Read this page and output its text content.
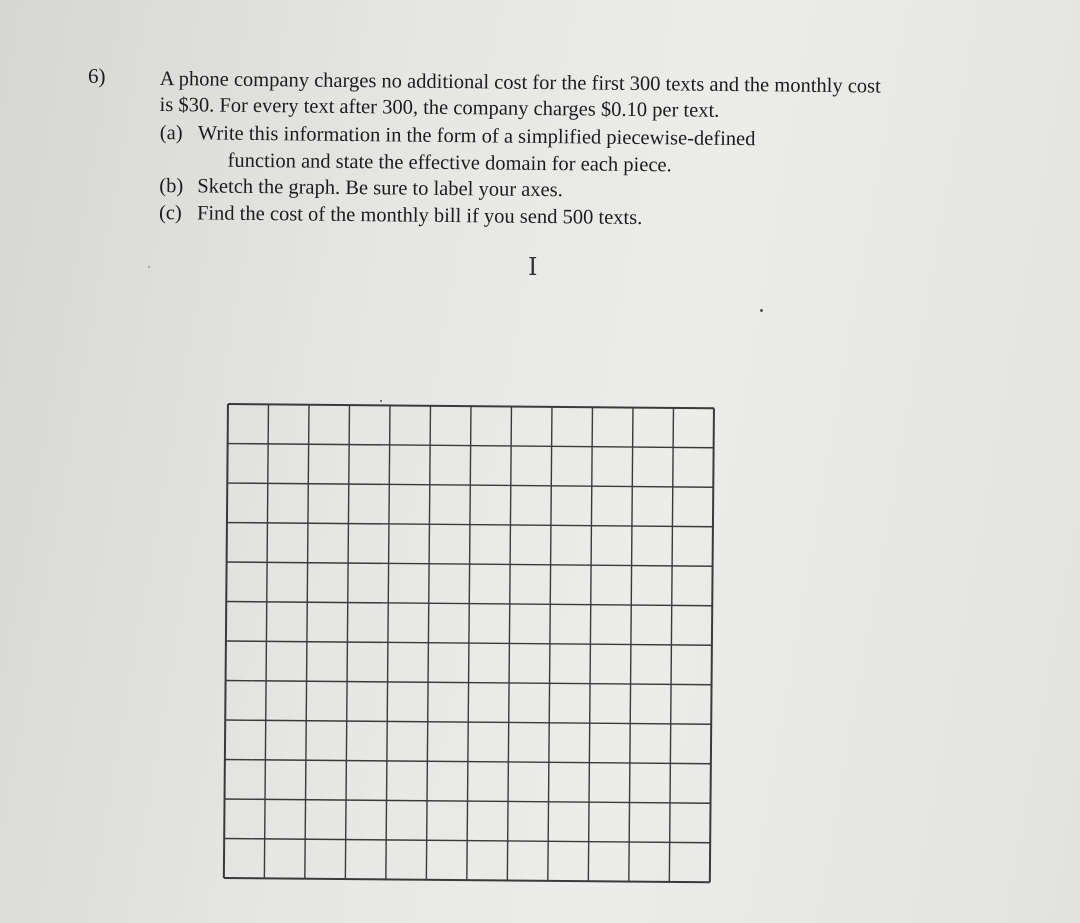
6)	A phone company charges no additional cost for the first 300 texts and the monthly cost
is $30. For every text after 300, the company charges $0.10 per text.
(a) Write this information in the form of a simplified piecewise-defined
function and state the effective domain for each piece.
(b) Sketch the graph. Be sure to label your axes.
(c) Find the cost of the monthly bill if you send 500 texts.
I
